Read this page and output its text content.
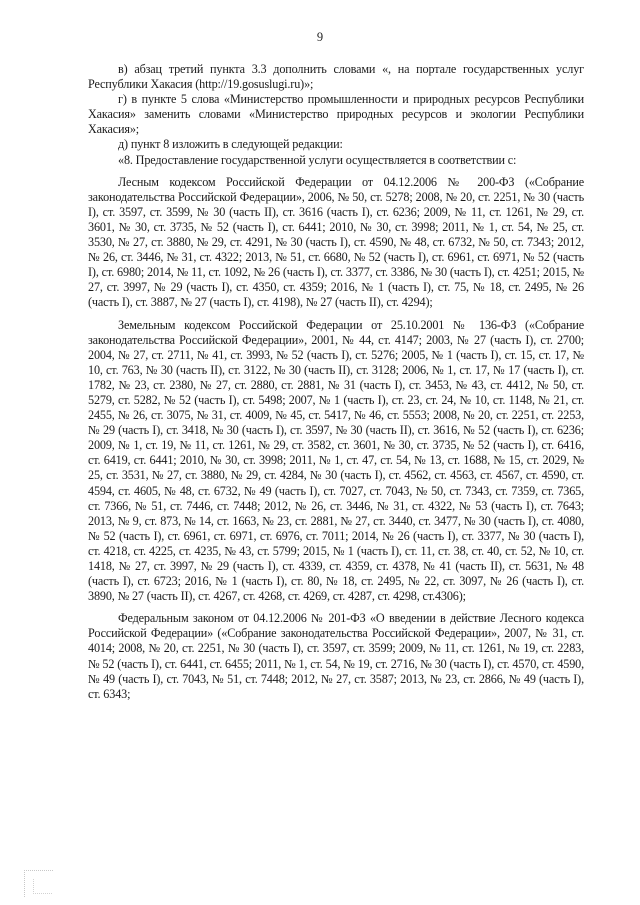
9

в) абзац третий пункта 3.3 дополнить словами «, на портале государственных услуг Республики Хакасия (http://19.gosuslugi.ru)»;

г) в пункте 5 слова «Министерство промышленности и природных ресурсов Республики Хакасия» заменить словами «Министерство природных ресурсов и экологии Республики Хакасия»;

д) пункт 8 изложить в следующей редакции:

«8. Предоставление государственной услуги осуществляется в соответствии с:

Лесным кодексом Российской Федерации от 04.12.2006 № 200-ФЗ («Собрание законодательства Российской Федерации», 2006, № 50, ст. 5278; 2008, № 20, ст. 2251, № 30 (часть I), ст. 3597, ст. 3599, № 30 (часть II), ст. 3616 (часть I), ст. 6236; 2009, № 11, ст. 1261, № 29, ст. 3601, № 30, ст. 3735, № 52 (часть I), ст. 6441; 2010, № 30, ст. 3998; 2011, № 1, ст. 54, № 25, ст. 3530, № 27, ст. 3880, № 29, ст. 4291, № 30 (часть I), ст. 4590, № 48, ст. 6732, № 50, ст. 7343; 2012, № 26, ст. 3446, № 31, ст. 4322; 2013, № 51, ст. 6680, № 52 (часть I), ст. 6961, ст. 6971, № 52 (часть I), ст. 6980; 2014, № 11, ст. 1092, № 26 (часть I), ст. 3377, ст. 3386, № 30 (часть I), ст. 4251; 2015, № 27, ст. 3997, № 29 (часть I), ст. 4350, ст. 4359; 2016, № 1 (часть I), ст. 75, № 18, ст. 2495, № 26 (часть I), ст. 3887, № 27 (часть I), ст. 4198), № 27 (часть II), ст. 4294);

Земельным кодексом Российской Федерации от 25.10.2001 № 136-ФЗ («Собрание законодательства Российской Федерации», 2001, № 44, ст. 4147; 2003, № 27 (часть I), ст. 2700; 2004, № 27, ст. 2711, № 41, ст. 3993, № 52 (часть I), ст. 5276; 2005, № 1 (часть I), ст. 15, ст. 17, № 10, ст. 763, № 30 (часть II), ст. 3122, № 30 (часть II), ст. 3128; 2006, № 1, ст. 17, № 17 (часть I), ст. 1782, № 23, ст. 2380, № 27, ст. 2880, ст. 2881, № 31 (часть I), ст. 3453, № 43, ст. 4412, № 50, ст. 5279, ст. 5282, № 52 (часть I), ст. 5498; 2007, № 1 (часть I), ст. 23, ст. 24, № 10, ст. 1148, № 21, ст. 2455, № 26, ст. 3075, № 31, ст. 4009, № 45, ст. 5417, № 46, ст. 5553; 2008, № 20, ст. 2251, ст. 2253, № 29 (часть I), ст. 3418, № 30 (часть I), ст. 3597, № 30 (часть II), ст. 3616, № 52 (часть I), ст. 6236; 2009, № 1, ст. 19, № 11, ст. 1261, № 29, ст. 3582, ст. 3601, № 30, ст. 3735, № 52 (часть I), ст. 6416, ст. 6419, ст. 6441; 2010, № 30, ст. 3998; 2011, № 1, ст. 47, ст. 54, № 13, ст. 1688, № 15, ст. 2029, № 25, ст. 3531, № 27, ст. 3880, № 29, ст. 4284, № 30 (часть I), ст. 4562, ст. 4563, ст. 4567, ст. 4590, ст. 4594, ст. 4605, № 48, ст. 6732, № 49 (часть I), ст. 7027, ст. 7043, № 50, ст. 7343, ст. 7359, ст. 7365, ст. 7366, № 51, ст. 7446, ст. 7448; 2012, № 26, ст. 3446, № 31, ст. 4322, № 53 (часть I), ст. 7643; 2013, № 9, ст. 873, № 14, ст. 1663, № 23, ст. 2881, № 27, ст. 3440, ст. 3477, № 30 (часть I), ст. 4080, № 52 (часть I), ст. 6961, ст. 6971, ст. 6976, ст. 7011; 2014, № 26 (часть I), ст. 3377, № 30 (часть I), ст. 4218, ст. 4225, ст. 4235, № 43, ст. 5799; 2015, № 1 (часть I), ст. 11, ст. 38, ст. 40, ст. 52, № 10, ст. 1418, № 27, ст. 3997, № 29 (часть I), ст. 4339, ст. 4359, ст. 4378, № 41 (часть II), ст. 5631, № 48 (часть I), ст. 6723; 2016, № 1 (часть I), ст. 80, № 18, ст. 2495, № 22, ст. 3097, № 26 (часть I), ст. 3890, № 27 (часть II), ст. 4267, ст. 4268, ст. 4269, ст. 4287, ст. 4298, ст.4306);

Федеральным законом от 04.12.2006 № 201-ФЗ «О введении в действие Лесного кодекса Российской Федерации» («Собрание законодательства Российской Федерации», 2007, № 31, ст. 4014; 2008, № 20, ст. 2251, № 30 (часть I), ст. 3597, ст. 3599; 2009, № 11, ст. 1261, № 19, ст. 2283, № 52 (часть I), ст. 6441, ст. 6455; 2011, № 1, ст. 54, № 19, ст. 2716, № 30 (часть I), ст. 4570, ст. 4590, № 49 (часть I), ст. 7043, № 51, ст. 7448; 2012, № 27, ст. 3587; 2013, № 23, ст. 2866, № 49 (часть I), ст. 6343;
